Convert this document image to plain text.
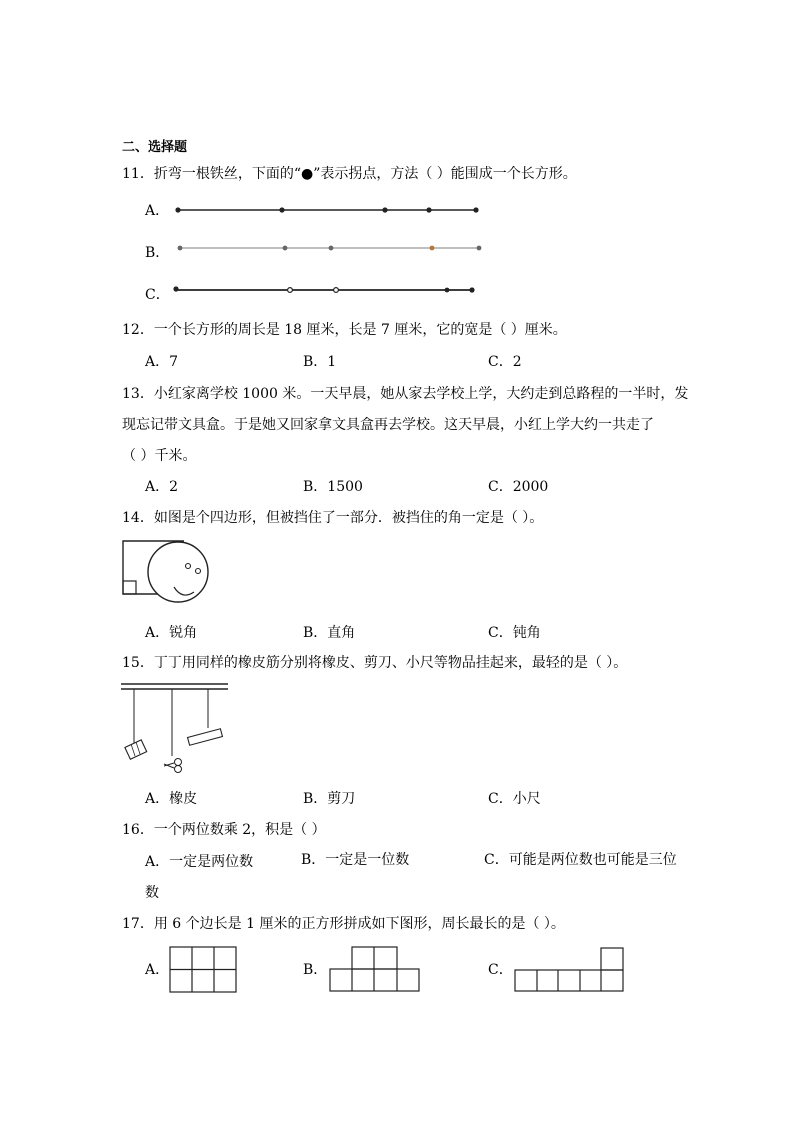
二、选择题
11．折弯一根铁丝，下面的“●”表示拐点，方法（ ）能围成一个长方形。
A．
B．
C．
12．一个长方形的周长是 18 厘米，长是 7 厘米，它的宽是（ ）厘米。
A．7	B．1	C．2
13．小红家离学校 1000 米。一天早晨，她从家去学校上学，大约走到总路程的一半时，发
现忘记带文具盒。于是她又回家拿文具盒再去学校。这天早晨，小红上学大约一共走了
（ ）千米。
A．2	B．1500	C．2000
14．如图是个四边形，但被挡住了一部分．被挡住的角一定是（ ）。
A．锐角	B．直角	C．钝角
15．丁丁用同样的橡皮筋分别将橡皮、剪刀、小尺等物品挂起来，最轻的是（ ）。
A．橡皮	B．剪刀	C．小尺
16．一个两位数乘 2，积是（ ）
A．一定是两位数	B．一定是一位数	C．可能是两位数也可能是三位
数
17．用 6 个边长是 1 厘米的正方形拼成如下图形，周长最长的是（ ）。
A．	B．	C．
